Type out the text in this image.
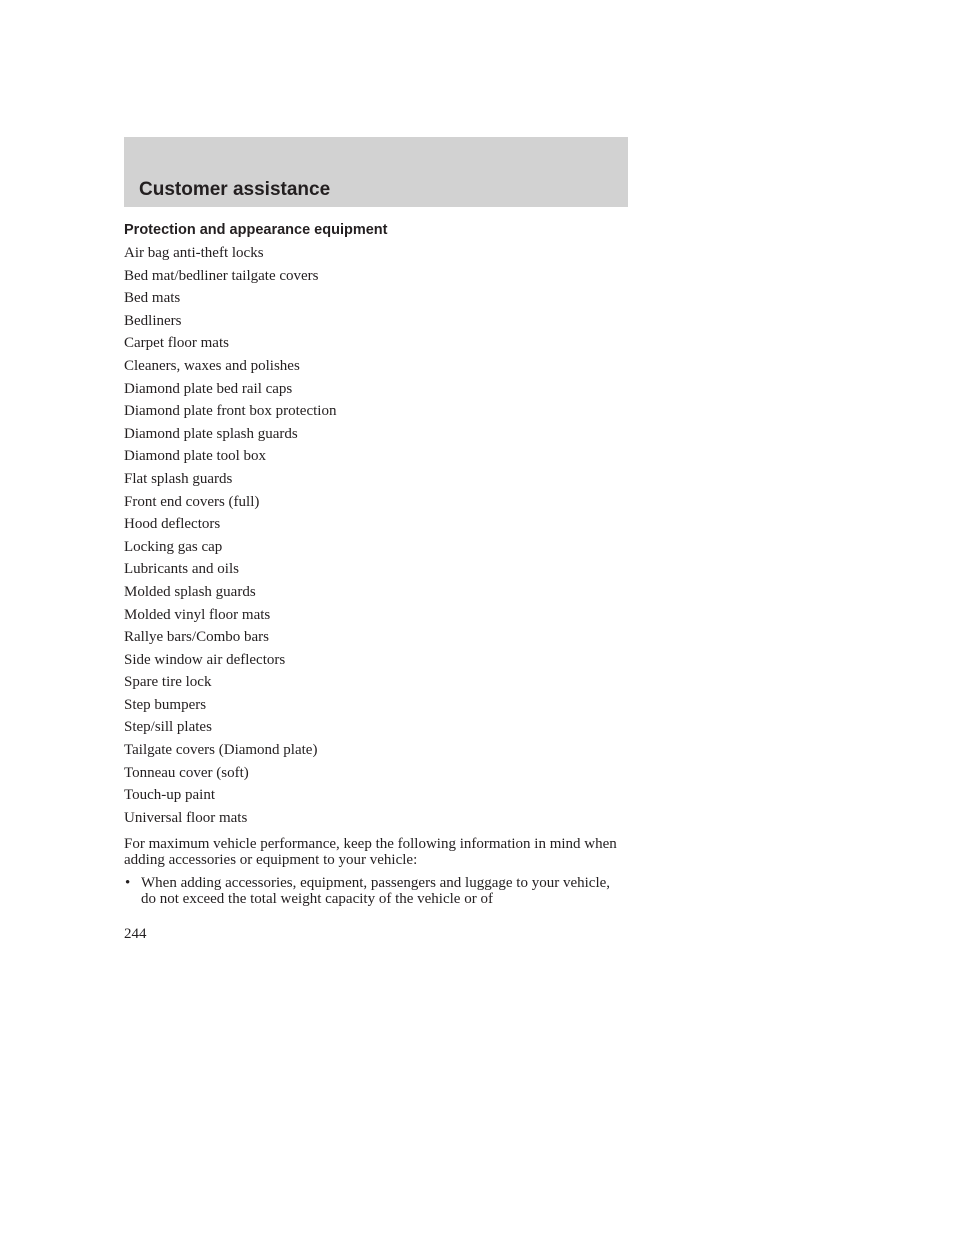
Customer assistance
Protection and appearance equipment
Air bag anti-theft locks
Bed mat/bedliner tailgate covers
Bed mats
Bedliners
Carpet floor mats
Cleaners, waxes and polishes
Diamond plate bed rail caps
Diamond plate front box protection
Diamond plate splash guards
Diamond plate tool box
Flat splash guards
Front end covers (full)
Hood deflectors
Locking gas cap
Lubricants and oils
Molded splash guards
Molded vinyl floor mats
Rallye bars/Combo bars
Side window air deflectors
Spare tire lock
Step bumpers
Step/sill plates
Tailgate covers (Diamond plate)
Tonneau cover (soft)
Touch-up paint
Universal floor mats

For maximum vehicle performance, keep the following information in mind when adding accessories or equipment to your vehicle:

• When adding accessories, equipment, passengers and luggage to your vehicle, do not exceed the total weight capacity of the vehicle or of
244
